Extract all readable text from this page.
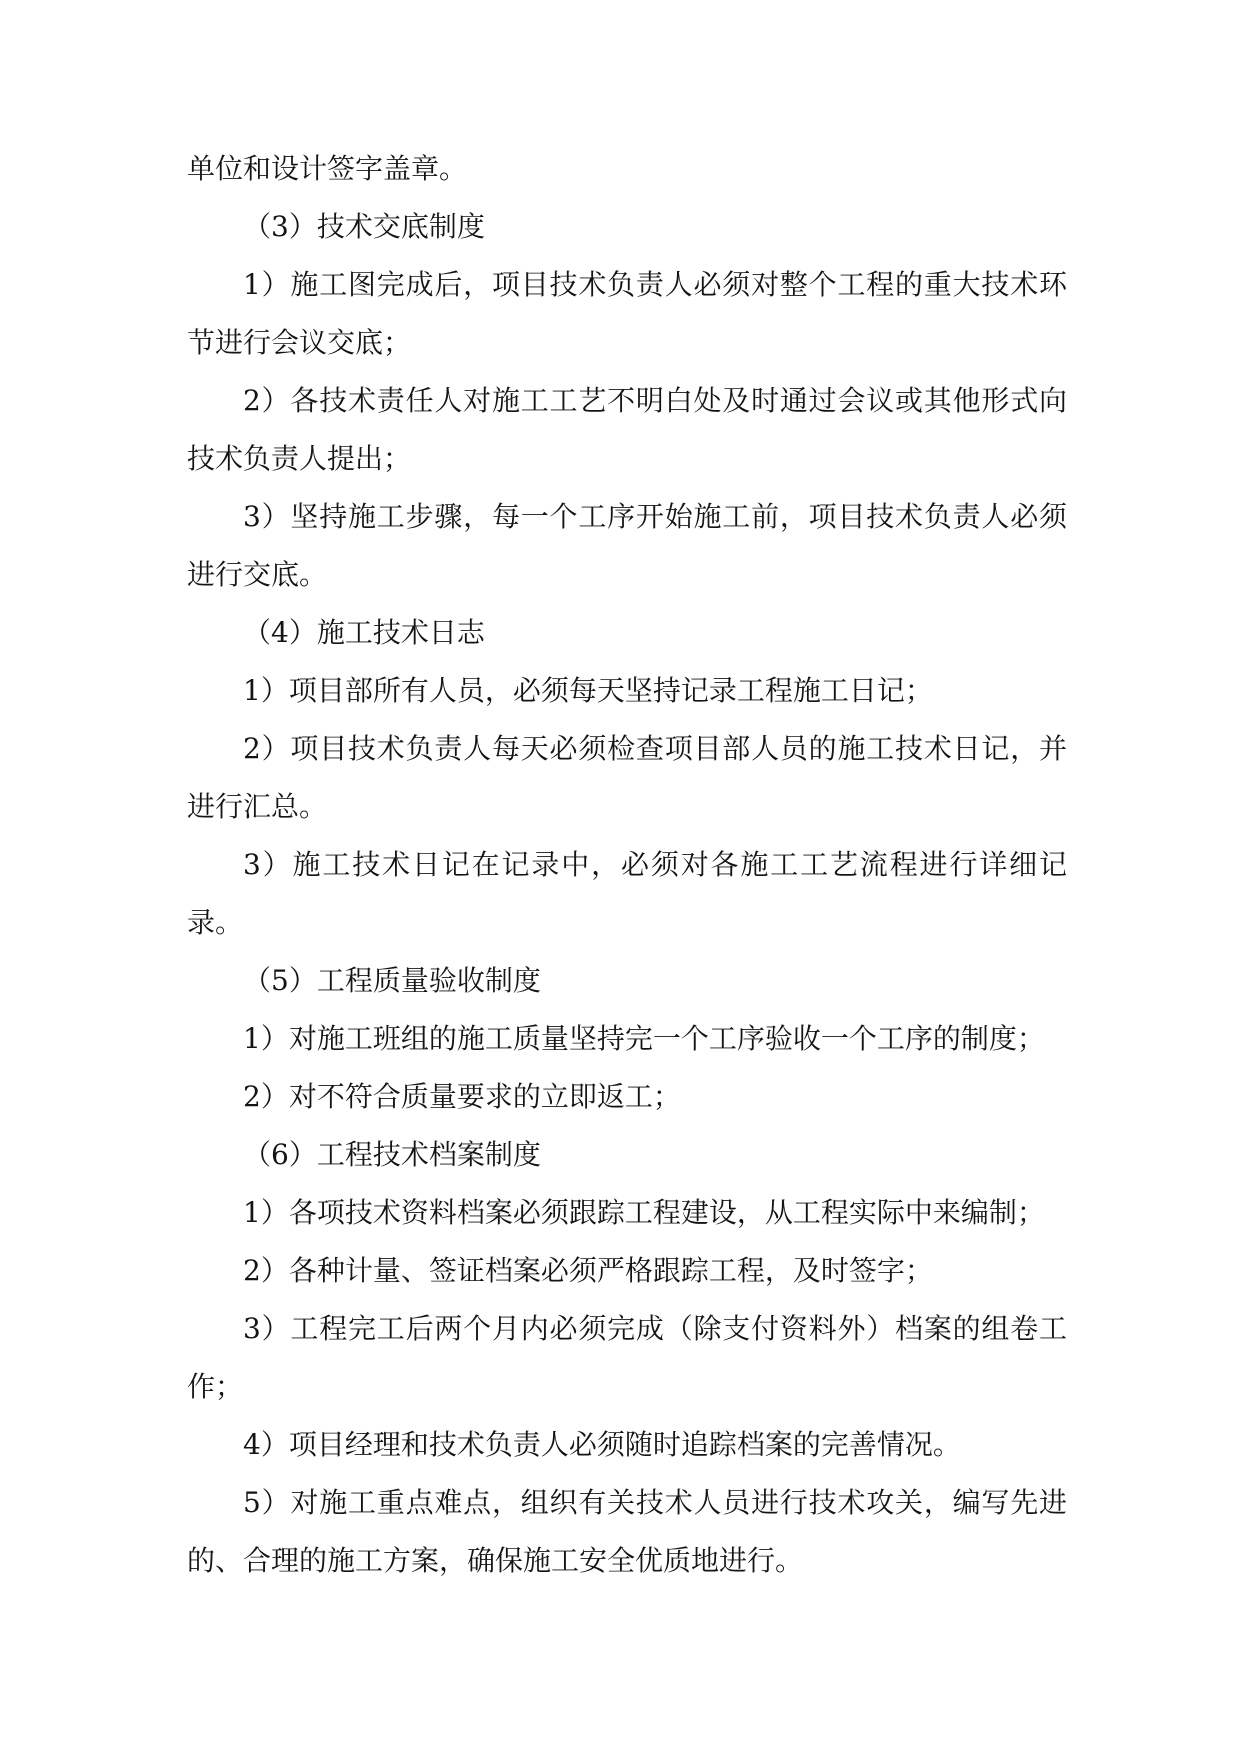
单位和设计签字盖章。

（3）技术交底制度

1）施工图完成后，项目技术负责人必须对整个工程的重大技术环节进行会议交底；

2）各技术责任人对施工工艺不明白处及时通过会议或其他形式向技术负责人提出；

3）坚持施工步骤，每一个工序开始施工前，项目技术负责人必须进行交底。

（4）施工技术日志

1）项目部所有人员，必须每天坚持记录工程施工日记；

2）项目技术负责人每天必须检查项目部人员的施工技术日记，并进行汇总。

3）施工技术日记在记录中，必须对各施工工艺流程进行详细记录。

（5）工程质量验收制度

1）对施工班组的施工质量坚持完一个工序验收一个工序的制度；

2）对不符合质量要求的立即返工；

（6）工程技术档案制度

1）各项技术资料档案必须跟踪工程建设，从工程实际中来编制；

2）各种计量、签证档案必须严格跟踪工程，及时签字；

3）工程完工后两个月内必须完成（除支付资料外）档案的组卷工作；

4）项目经理和技术负责人必须随时追踪档案的完善情况。

5）对施工重点难点，组织有关技术人员进行技术攻关，编写先进的、合理的施工方案，确保施工安全优质地进行。
